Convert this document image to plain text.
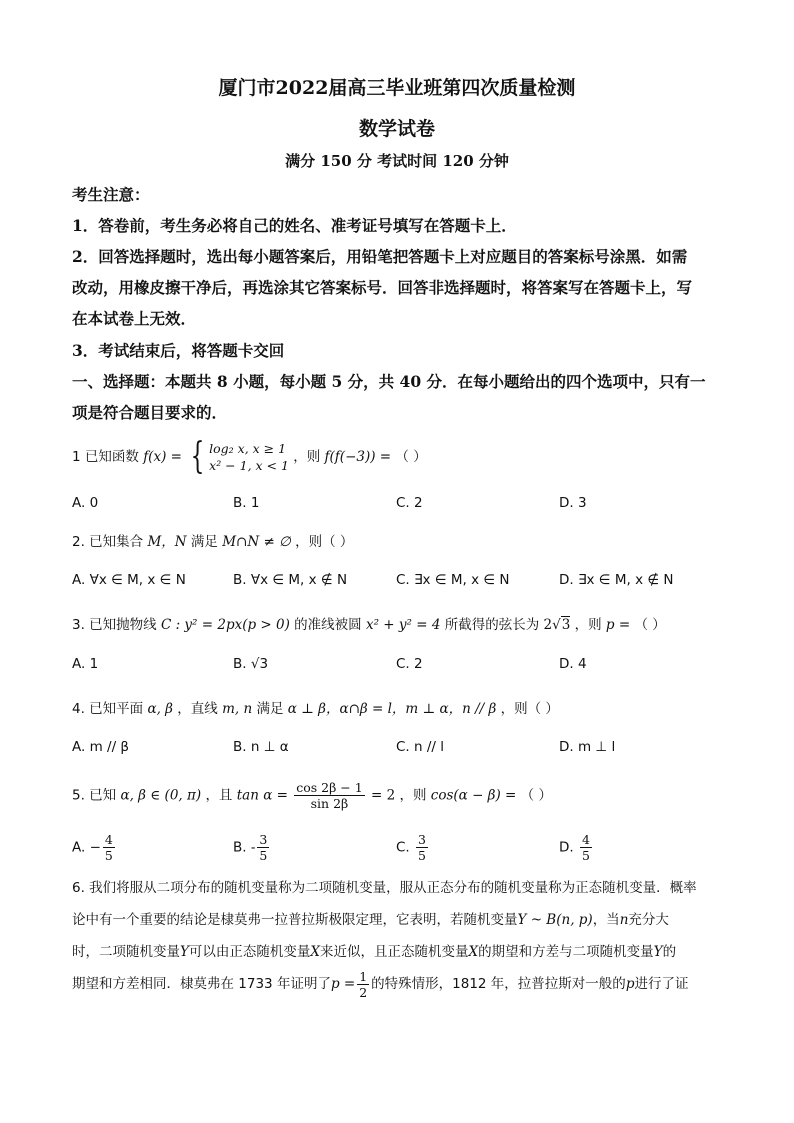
厦门市2022届高三毕业班第四次质量检测
数学试卷
满分 150 分 考试时间 120 分钟
考生注意：
1．答卷前，考生务必将自己的姓名、准考证号填写在答题卡上．
2．回答选择题时，选出每小题答案后，用铅笔把答题卡上对应题目的答案标号涂黑．如需
改动，用橡皮擦干净后，再选涂其它答案标号．回答非选择题时，将答案写在答题卡上，写
在本试卷上无效．
3．考试结束后，将答题卡交回
一、选择题：本题共 8 小题，每小题 5 分，共 40 分．在每小题给出的四个选项中，只有一
项是符合题目要求的．
1 已知函数 f(x) = { log₂ x, x ≥ 1
x² − 1, x < 1
，则 f(f(−3)) = （ ）
A. 0	B. 1	C. 2	D. 3
2. 已知集合 M，N 满足 M∩N ≠ ∅ ，则（ ）
A. ∀x ∈ M, x ∈ N	B. ∀x ∈ M, x ∉ N	C. ∃x ∈ M, x ∈ N	D. ∃x ∈ M, x ∉ N
3. 已知抛物线 C : y² = 2px(p > 0) 的准线被圆 x² + y² = 4 所截得的弦长为 2√3 ，则 p = （ ）
A. 1	B. √3	C. 2	D. 4
4. 已知平面 α, β ，直线 m, n 满足 α ⊥ β，α∩β = l，m ⊥ α，n // β ，则（ ）
A. m // β	B. n ⊥ α	C. n // l	D. m ⊥ l
5. 已知 α, β ∈ (0, π) ，且 $\tan \alpha = \frac{\cos 2\beta - 1}{\sin 2\beta} = 2$ ，则 cos(α − β) = （ ）
A. − $\frac{4}{5}$	B. - $\frac{3}{5}$	C. $\frac{3}{5}$	D. $\frac{4}{5}$
6. 我们将服从二项分布的随机变量称为二项随机变量，服从正态分布的随机变量称为正态随机变量．概率
论中有一个重要的结论是棣莫弗一拉普拉斯极限定理，它表明，若随机变量Y ~ B(n, p)，当n充分大
时，二项随机变量Y可以由正态随机变量X来近似，且正态随机变量X的期望和方差与二项随机变量Y的
期望和方差相同．棣莫弗在 1733 年证明了$p = \frac{1}{2}$ 的特殊情形，1812 年，拉普拉斯对一般的p进行了证
